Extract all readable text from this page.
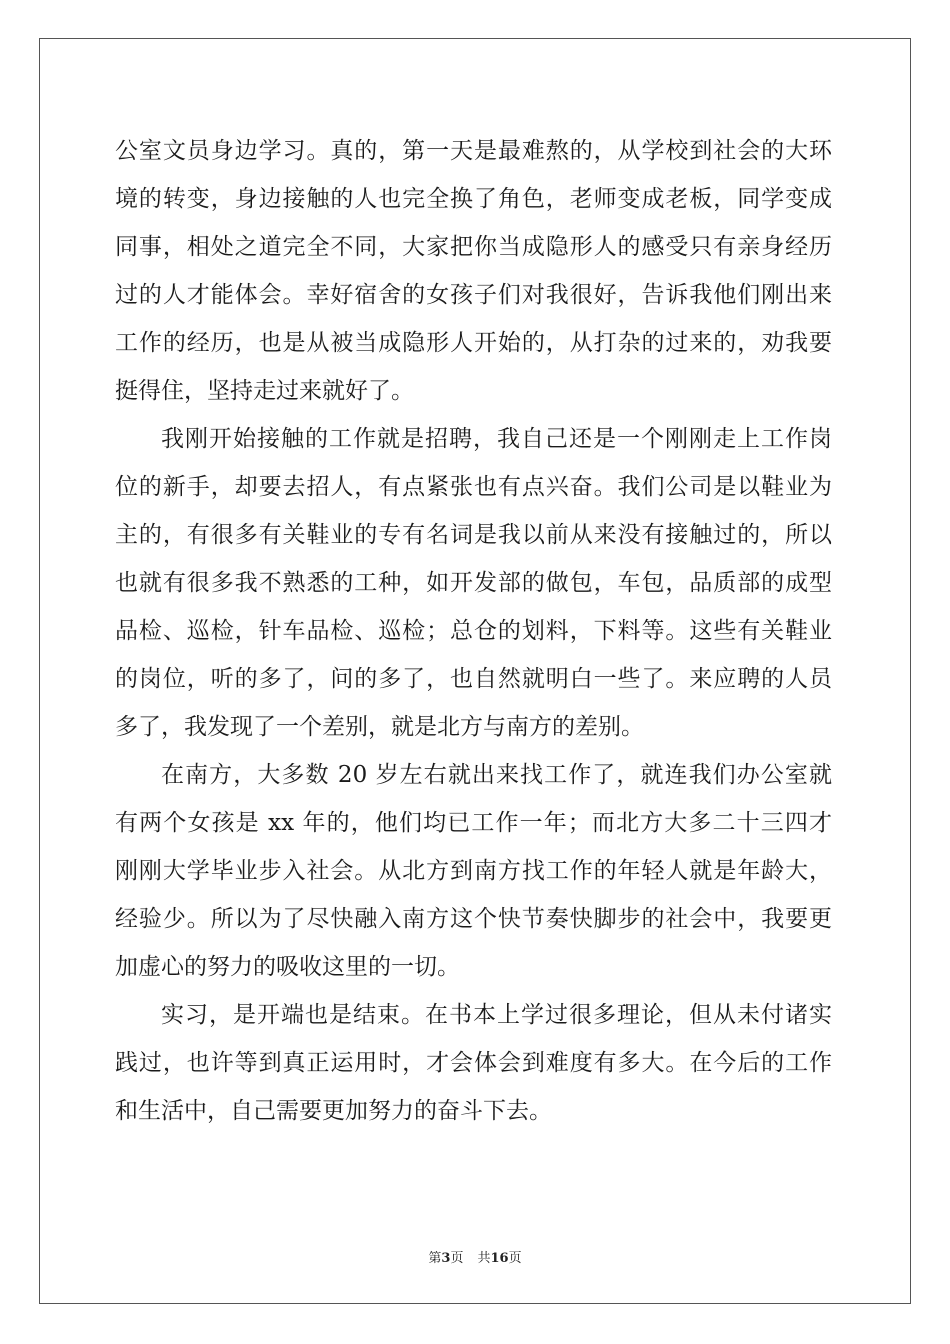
公室文员身边学习。真的，第一天是最难熬的，从学校到社会的大环
境的转变，身边接触的人也完全换了角色，老师变成老板，同学变成
同事，相处之道完全不同，大家把你当成隐形人的感受只有亲身经历
过的人才能体会。幸好宿舍的女孩子们对我很好，告诉我他们刚出来
工作的经历，也是从被当成隐形人开始的，从打杂的过来的，劝我要
挺得住，坚持走过来就好了。
我刚开始接触的工作就是招聘，我自己还是一个刚刚走上工作岗
位的新手，却要去招人，有点紧张也有点兴奋。我们公司是以鞋业为
主的，有很多有关鞋业的专有名词是我以前从来没有接触过的，所以
也就有很多我不熟悉的工种，如开发部的做包，车包，品质部的成型
品检、巡检，针车品检、巡检；总仓的划料，下料等。这些有关鞋业
的岗位，听的多了，问的多了，也自然就明白一些了。来应聘的人员
多了，我发现了一个差别，就是北方与南方的差别。
在南方，大多数 20 岁左右就出来找工作了，就连我们办公室就
有两个女孩是 xx 年的，他们均已工作一年；而北方大多二十三四才
刚刚大学毕业步入社会。从北方到南方找工作的年轻人就是年龄大，
经验少。所以为了尽快融入南方这个快节奏快脚步的社会中，我要更
加虚心的努力的吸收这里的一切。
实习，是开端也是结束。在书本上学过很多理论，但从未付诸实
践过，也许等到真正运用时，才会体会到难度有多大。在今后的工作
和生活中，自己需要更加努力的奋斗下去。
第3页 共16页
